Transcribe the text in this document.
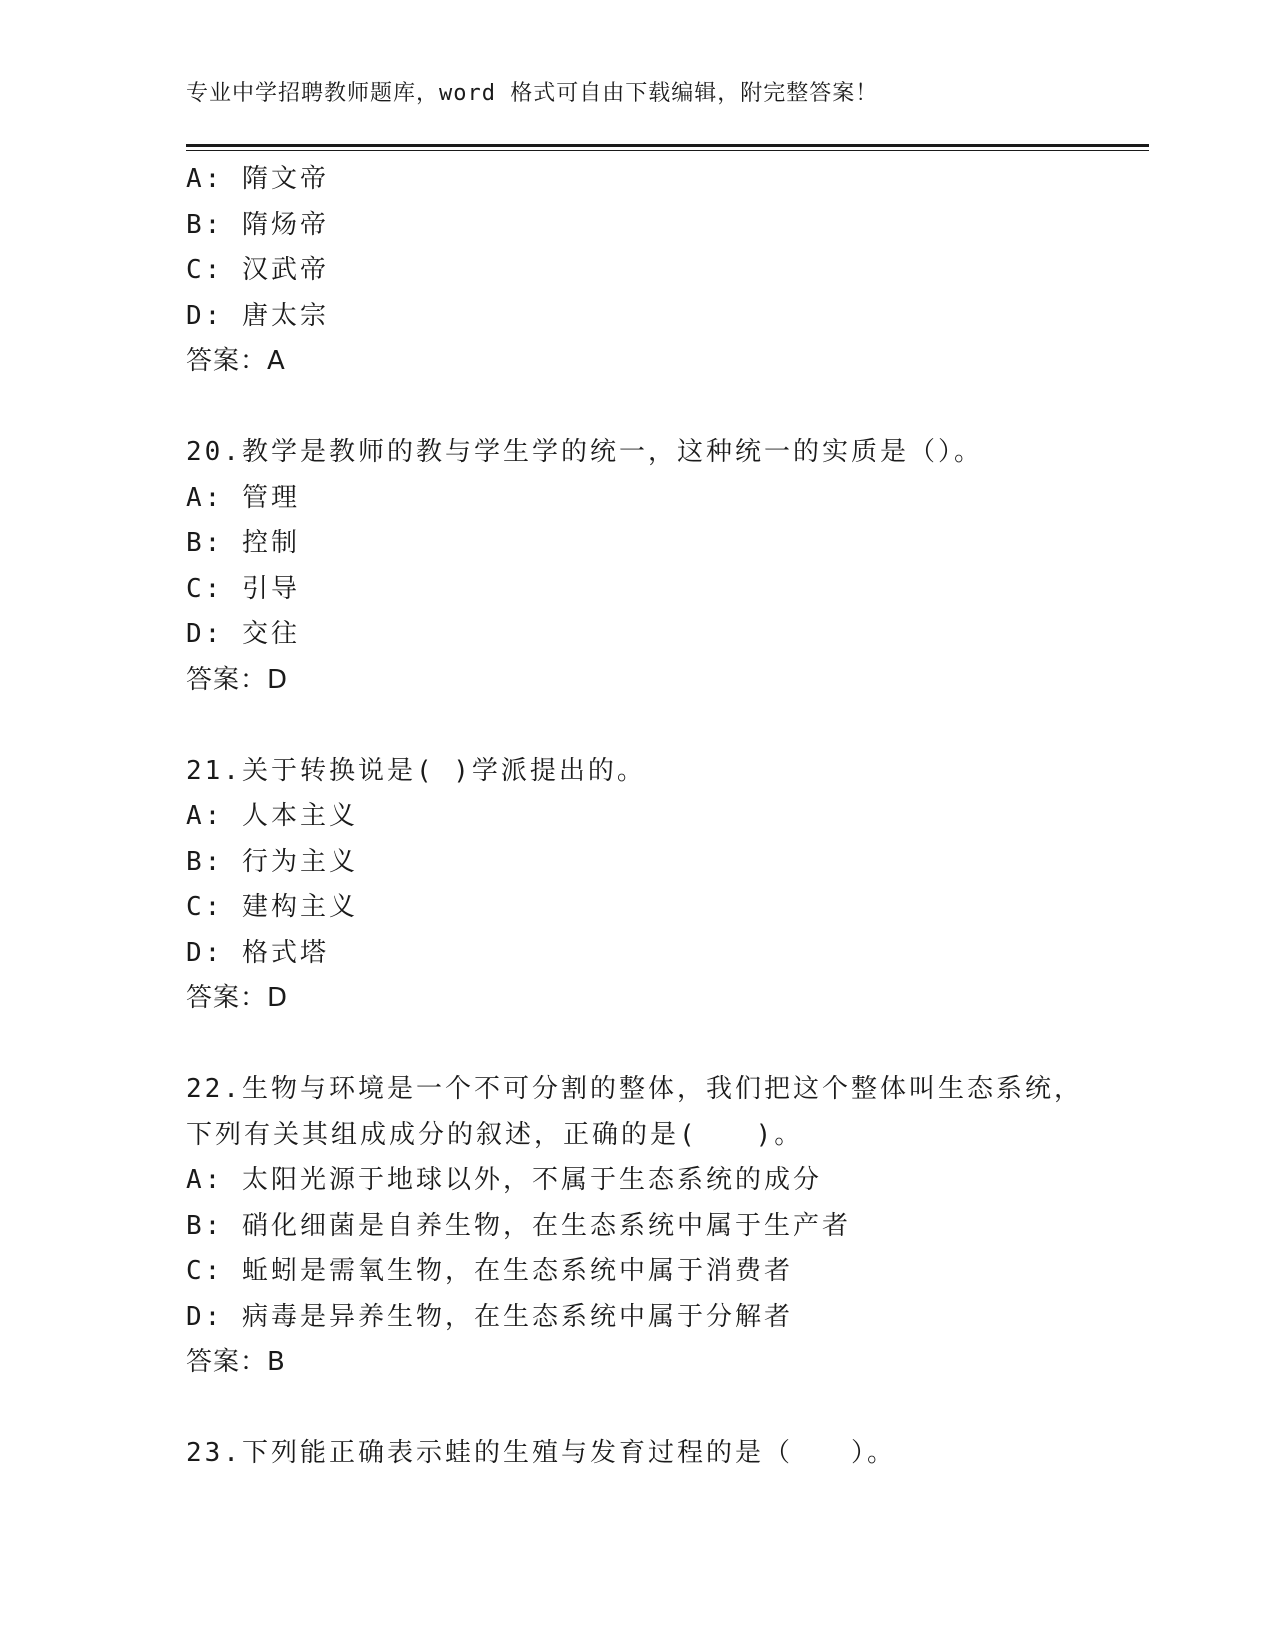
专业中学招聘教师题库，word 格式可自由下载编辑，附完整答案！
A: 隋文帝
B: 隋炀帝
C: 汉武帝
D: 唐太宗
答案：A
20.教学是教师的教与学生学的统一，这种统一的实质是（）。
A: 管理
B: 控制
C: 引导
D: 交往
答案：D
21.关于转换说是( )学派提出的。
A: 人本主义
B: 行为主义
C: 建构主义
D: 格式塔
答案：D
22.生物与环境是一个不可分割的整体，我们把这个整体叫生态系统，
下列有关其组成成分的叙述，正确的是(　　)。
A: 太阳光源于地球以外，不属于生态系统的成分
B: 硝化细菌是自养生物，在生态系统中属于生产者
C: 蚯蚓是需氧生物，在生态系统中属于消费者
D: 病毒是异养生物，在生态系统中属于分解者
答案：B
23.下列能正确表示蛙的生殖与发育过程的是（　　）。
